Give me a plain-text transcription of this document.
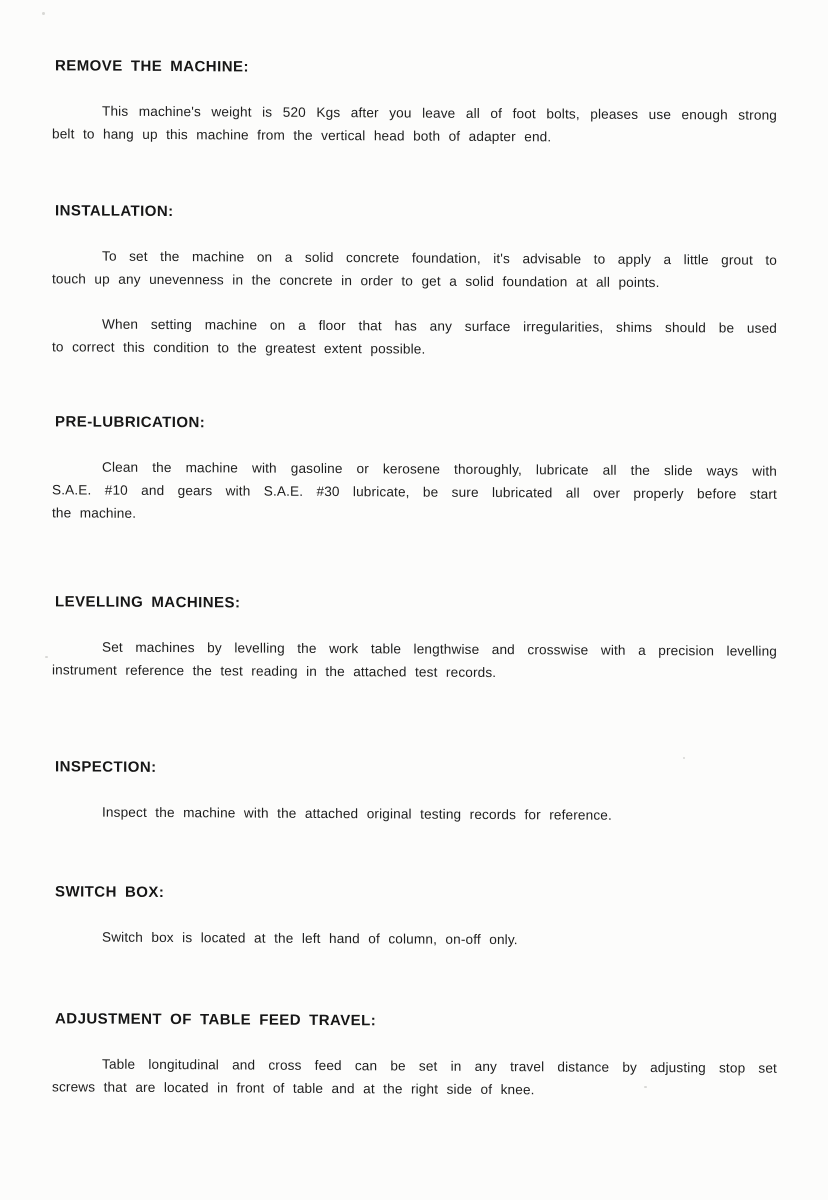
REMOVE THE MACHINE:
This machine's weight is 520 Kgs after you leave all of foot bolts, pleases use enough strong
belt to hang up this machine from the vertical head both of adapter end.
INSTALLATION:
To set the machine on a solid concrete foundation, it's advisable to apply a little grout to
touch up any unevenness in the concrete in order to get a solid foundation at all points.
When setting machine on a floor that has any surface irregularities, shims should be used
to correct this condition to the greatest extent possible.
PRE-LUBRICATION:
Clean the machine with gasoline or kerosene thoroughly, lubricate all the slide ways with
S.A.E. #10 and gears with S.A.E. #30 lubricate, be sure lubricated all over properly before start
the machine.
LEVELLING MACHINES:
Set machines by levelling the work table lengthwise and crosswise with a precision levelling
instrument reference the test reading in the attached test records.
INSPECTION:
Inspect the machine with the attached original testing records for reference.
SWITCH BOX:
Switch box is located at the left hand of column, on-off only.
ADJUSTMENT OF TABLE FEED TRAVEL:
Table longitudinal and cross feed can be set in any travel distance by adjusting stop set
screws that are located in front of table and at the right side of knee.
